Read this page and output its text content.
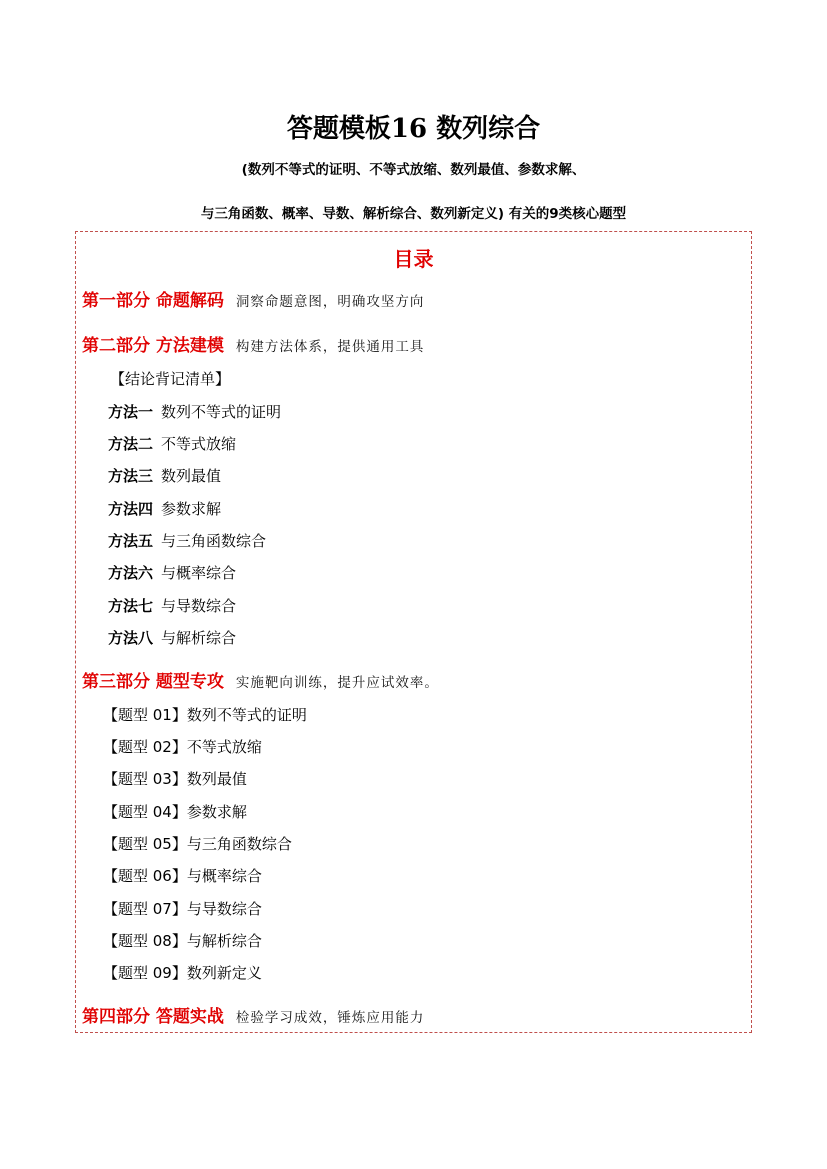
答题模板16 数列综合
(数列不等式的证明、不等式放缩、数列最值、参数求解、
与三角函数、概率、导数、解析综合、数列新定义) 有关的9类核心题型
目录
第一部分 命题解码 洞察命题意图，明确攻坚方向
第二部分 方法建模 构建方法体系，提供通用工具
【结论背记清单】
方法一 数列不等式的证明
方法二 不等式放缩
方法三 数列最值
方法四 参数求解
方法五 与三角函数综合
方法六 与概率综合
方法七 与导数综合
方法八 与解析综合
第三部分 题型专攻 实施靶向训练，提升应试效率。
【题型 01】数列不等式的证明
【题型 02】不等式放缩
【题型 03】数列最值
【题型 04】参数求解
【题型 05】与三角函数综合
【题型 06】与概率综合
【题型 07】与导数综合
【题型 08】与解析综合
【题型 09】数列新定义
第四部分 答题实战 检验学习成效，锤炼应用能力
